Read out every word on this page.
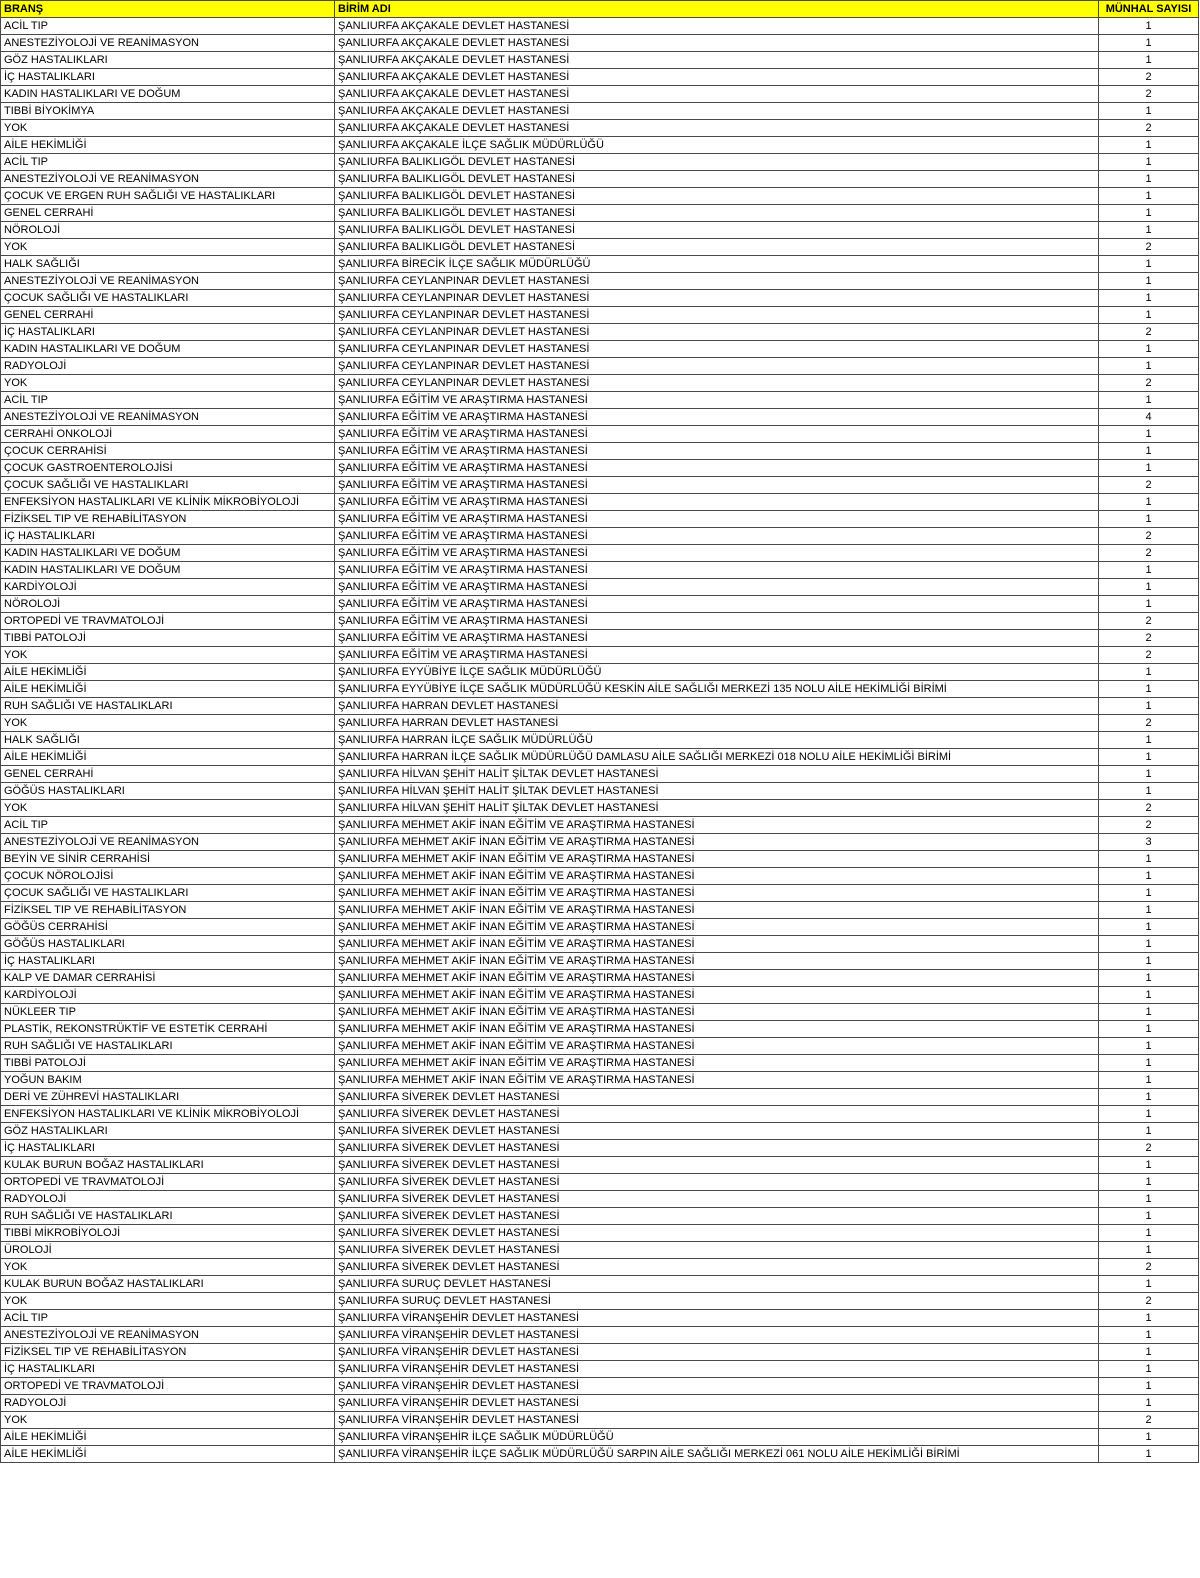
BRANŞ	BİRİM ADI	MÜNHAL SAYISI
ACİL TIP	ŞANLIURFA AKÇAKALE DEVLET HASTANESİ	1
ANESTEZİYOLOJİ VE REANİMASYON	ŞANLIURFA AKÇAKALE DEVLET HASTANESİ	1
GÖZ HASTALIKLARI	ŞANLIURFA AKÇAKALE DEVLET HASTANESİ	1
İÇ HASTALIKLARI	ŞANLIURFA AKÇAKALE DEVLET HASTANESİ	2
KADIN HASTALIKLARI VE DOĞUM	ŞANLIURFA AKÇAKALE DEVLET HASTANESİ	2
TIBBİ BİYOKİMYA	ŞANLIURFA AKÇAKALE DEVLET HASTANESİ	1
YOK	ŞANLIURFA AKÇAKALE DEVLET HASTANESİ	2
AİLE HEKİMLİĞİ	ŞANLIURFA AKÇAKALE İLÇE SAĞLIK MÜDÜRLÜĞÜ	1
ACİL TIP	ŞANLIURFA BALIKLIGÖL DEVLET HASTANESİ	1
ANESTEZİYOLOJİ VE REANİMASYON	ŞANLIURFA BALIKLIGÖL DEVLET HASTANESİ	1
ÇOCUK VE ERGEN RUH SAĞLIĞI VE HASTALIKLARI	ŞANLIURFA BALIKLIGÖL DEVLET HASTANESİ	1
GENEL CERRAHİ	ŞANLIURFA BALIKLIGÖL DEVLET HASTANESİ	1
NÖROLOJİ	ŞANLIURFA BALIKLIGÖL DEVLET HASTANESİ	1
YOK	ŞANLIURFA BALIKLIGÖL DEVLET HASTANESİ	2
HALK SAĞLIĞI	ŞANLIURFA BİRECİK İLÇE SAĞLIK MÜDÜRLÜĞÜ	1
ANESTEZİYOLOJİ VE REANİMASYON	ŞANLIURFA CEYLANPINAR DEVLET HASTANESİ	1
ÇOCUK SAĞLIĞI VE HASTALIKLARI	ŞANLIURFA CEYLANPINAR DEVLET HASTANESİ	1
GENEL CERRAHİ	ŞANLIURFA CEYLANPINAR DEVLET HASTANESİ	1
İÇ HASTALIKLARI	ŞANLIURFA CEYLANPINAR DEVLET HASTANESİ	2
KADIN HASTALIKLARI VE DOĞUM	ŞANLIURFA CEYLANPINAR DEVLET HASTANESİ	1
RADYOLOJİ	ŞANLIURFA CEYLANPINAR DEVLET HASTANESİ	1
YOK	ŞANLIURFA CEYLANPINAR DEVLET HASTANESİ	2
ACİL TIP	ŞANLIURFA EĞİTİM VE ARAŞTIRMA HASTANESİ	1
ANESTEZİYOLOJİ VE REANİMASYON	ŞANLIURFA EĞİTİM VE ARAŞTIRMA HASTANESİ	4
CERRAHİ ONKOLOJİ	ŞANLIURFA EĞİTİM VE ARAŞTIRMA HASTANESİ	1
ÇOCUK CERRAHİSİ	ŞANLIURFA EĞİTİM VE ARAŞTIRMA HASTANESİ	1
ÇOCUK GASTROENTEROLOJİSİ	ŞANLIURFA EĞİTİM VE ARAŞTIRMA HASTANESİ	1
ÇOCUK SAĞLIĞI VE HASTALIKLARI	ŞANLIURFA EĞİTİM VE ARAŞTIRMA HASTANESİ	2
ENFEKSİYON HASTALIKLARI VE KLİNİK MİKROBİYOLOJİ	ŞANLIURFA EĞİTİM VE ARAŞTIRMA HASTANESİ	1
FİZİKSEL TIP VE REHABİLİTASYON	ŞANLIURFA EĞİTİM VE ARAŞTIRMA HASTANESİ	1
İÇ HASTALIKLARI	ŞANLIURFA EĞİTİM VE ARAŞTIRMA HASTANESİ	2
KADIN HASTALIKLARI VE DOĞUM	ŞANLIURFA EĞİTİM VE ARAŞTIRMA HASTANESİ	2
KADIN HASTALIKLARI VE DOĞUM	ŞANLIURFA EĞİTİM VE ARAŞTIRMA HASTANESİ	1
KARDİYOLOJİ	ŞANLIURFA EĞİTİM VE ARAŞTIRMA HASTANESİ	1
NÖROLOJİ	ŞANLIURFA EĞİTİM VE ARAŞTIRMA HASTANESİ	1
ORTOPEDİ VE TRAVMATOLOJİ	ŞANLIURFA EĞİTİM VE ARAŞTIRMA HASTANESİ	2
TIBBİ PATOLOJİ	ŞANLIURFA EĞİTİM VE ARAŞTIRMA HASTANESİ	2
YOK	ŞANLIURFA EĞİTİM VE ARAŞTIRMA HASTANESİ	2
AİLE HEKİMLİĞİ	ŞANLIURFA EYYÜBİYE İLÇE SAĞLIK MÜDÜRLÜĞÜ	1
AİLE HEKİMLİĞİ	ŞANLIURFA EYYÜBİYE İLÇE SAĞLIK MÜDÜRLÜĞÜ KESKİN AİLE SAĞLIĞI MERKEZİ 135 NOLU AİLE HEKİMLİĞİ BİRİMİ	1
RUH SAĞLIĞI VE HASTALIKLARI	ŞANLIURFA HARRAN DEVLET HASTANESİ	1
YOK	ŞANLIURFA HARRAN DEVLET HASTANESİ	2
HALK SAĞLIĞI	ŞANLIURFA HARRAN İLÇE SAĞLIK MÜDÜRLÜĞÜ	1
AİLE HEKİMLİĞİ	ŞANLIURFA HARRAN İLÇE SAĞLIK MÜDÜRLÜĞÜ DAMLASU AİLE SAĞLIĞI MERKEZİ 018 NOLU AİLE HEKİMLİĞİ BİRİMİ	1
GENEL CERRAHİ	ŞANLIURFA HİLVAN ŞEHİT HALİT ŞİLTAK DEVLET HASTANESİ	1
GÖĞÜS HASTALIKLARI	ŞANLIURFA HİLVAN ŞEHİT HALİT ŞİLTAK DEVLET HASTANESİ	1
YOK	ŞANLIURFA HİLVAN ŞEHİT HALİT ŞİLTAK DEVLET HASTANESİ	2
ACİL TIP	ŞANLIURFA MEHMET AKİF İNAN EĞİTİM VE ARAŞTIRMA HASTANESİ	2
ANESTEZİYOLOJİ VE REANİMASYON	ŞANLIURFA MEHMET AKİF İNAN EĞİTİM VE ARAŞTIRMA HASTANESİ	3
BEYİN VE SİNİR CERRAHİSİ	ŞANLIURFA MEHMET AKİF İNAN EĞİTİM VE ARAŞTIRMA HASTANESİ	1
ÇOCUK NÖROLOJİSİ	ŞANLIURFA MEHMET AKİF İNAN EĞİTİM VE ARAŞTIRMA HASTANESİ	1
ÇOCUK SAĞLIĞI VE HASTALIKLARI	ŞANLIURFA MEHMET AKİF İNAN EĞİTİM VE ARAŞTIRMA HASTANESİ	1
FİZİKSEL TIP VE REHABİLİTASYON	ŞANLIURFA MEHMET AKİF İNAN EĞİTİM VE ARAŞTIRMA HASTANESİ	1
GÖĞÜS CERRAHİSİ	ŞANLIURFA MEHMET AKİF İNAN EĞİTİM VE ARAŞTIRMA HASTANESİ	1
GÖĞÜS HASTALIKLARI	ŞANLIURFA MEHMET AKİF İNAN EĞİTİM VE ARAŞTIRMA HASTANESİ	1
İÇ HASTALIKLARI	ŞANLIURFA MEHMET AKİF İNAN EĞİTİM VE ARAŞTIRMA HASTANESİ	1
KALP VE DAMAR CERRAHİSİ	ŞANLIURFA MEHMET AKİF İNAN EĞİTİM VE ARAŞTIRMA HASTANESİ	1
KARDİYOLOJİ	ŞANLIURFA MEHMET AKİF İNAN EĞİTİM VE ARAŞTIRMA HASTANESİ	1
NÜKLEER TIP	ŞANLIURFA MEHMET AKİF İNAN EĞİTİM VE ARAŞTIRMA HASTANESİ	1
PLASTİK, REKONSTRÜKTİF VE ESTETİK CERRAHİ	ŞANLIURFA MEHMET AKİF İNAN EĞİTİM VE ARAŞTIRMA HASTANESİ	1
RUH SAĞLIĞI VE HASTALIKLARI	ŞANLIURFA MEHMET AKİF İNAN EĞİTİM VE ARAŞTIRMA HASTANESİ	1
TIBBİ PATOLOJİ	ŞANLIURFA MEHMET AKİF İNAN EĞİTİM VE ARAŞTIRMA HASTANESİ	1
YOĞUN BAKIM	ŞANLIURFA MEHMET AKİF İNAN EĞİTİM VE ARAŞTIRMA HASTANESİ	1
DERİ VE ZÜHREVİ HASTALIKLARI	ŞANLIURFA SİVEREK DEVLET HASTANESİ	1
ENFEKSİYON HASTALIKLARI VE KLİNİK MİKROBİYOLOJİ	ŞANLIURFA SİVEREK DEVLET HASTANESİ	1
GÖZ HASTALIKLARI	ŞANLIURFA SİVEREK DEVLET HASTANESİ	1
İÇ HASTALIKLARI	ŞANLIURFA SİVEREK DEVLET HASTANESİ	2
KULAK BURUN BOĞAZ HASTALIKLARI	ŞANLIURFA SİVEREK DEVLET HASTANESİ	1
ORTOPEDİ VE TRAVMATOLOJİ	ŞANLIURFA SİVEREK DEVLET HASTANESİ	1
RADYOLOJİ	ŞANLIURFA SİVEREK DEVLET HASTANESİ	1
RUH SAĞLIĞI VE HASTALIKLARI	ŞANLIURFA SİVEREK DEVLET HASTANESİ	1
TIBBİ MİKROBİYOLOJİ	ŞANLIURFA SİVEREK DEVLET HASTANESİ	1
ÜROLOJİ	ŞANLIURFA SİVEREK DEVLET HASTANESİ	1
YOK	ŞANLIURFA SİVEREK DEVLET HASTANESİ	2
KULAK BURUN BOĞAZ HASTALIKLARI	ŞANLIURFA SURUÇ DEVLET HASTANESİ	1
YOK	ŞANLIURFA SURUÇ DEVLET HASTANESİ	2
ACİL TIP	ŞANLIURFA VİRANŞEHİR DEVLET HASTANESİ	1
ANESTEZİYOLOJİ VE REANİMASYON	ŞANLIURFA VİRANŞEHİR DEVLET HASTANESİ	1
FİZİKSEL TIP VE REHABİLİTASYON	ŞANLIURFA VİRANŞEHİR DEVLET HASTANESİ	1
İÇ HASTALIKLARI	ŞANLIURFA VİRANŞEHİR DEVLET HASTANESİ	1
ORTOPEDİ VE TRAVMATOLOJİ	ŞANLIURFA VİRANŞEHİR DEVLET HASTANESİ	1
RADYOLOJİ	ŞANLIURFA VİRANŞEHİR DEVLET HASTANESİ	1
YOK	ŞANLIURFA VİRANŞEHİR DEVLET HASTANESİ	2
AİLE HEKİMLİĞİ	ŞANLIURFA VİRANŞEHİR İLÇE SAĞLIK MÜDÜRLÜĞÜ	1
AİLE HEKİMLİĞİ	ŞANLIURFA VİRANŞEHİR İLÇE SAĞLIK MÜDÜRLÜĞÜ SARPIN AİLE SAĞLIĞI MERKEZİ 061 NOLU AİLE HEKİMLİĞİ BİRİMİ	1
